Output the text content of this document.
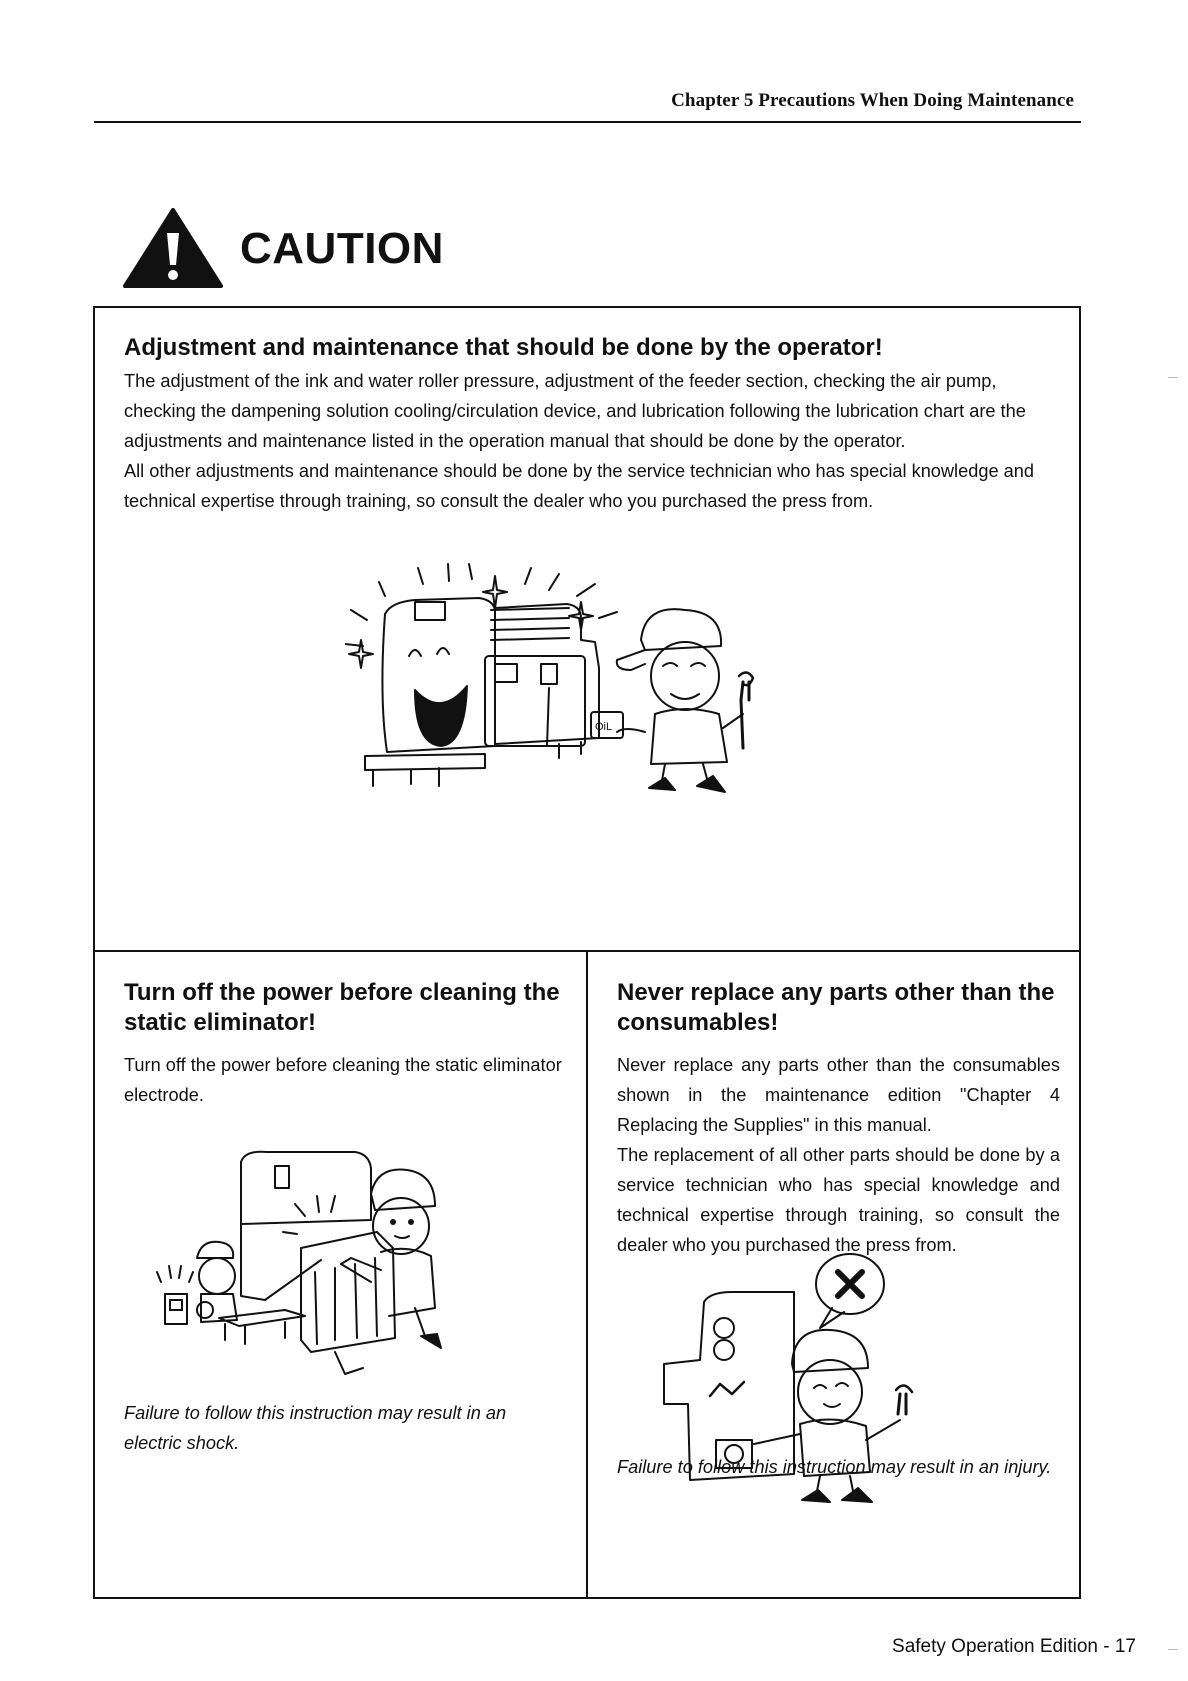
Chapter 5 Precautions When Doing Maintenance
CAUTION
Adjustment and maintenance that should be done by the operator!

The adjustment of the ink and water roller pressure, adjustment of the feeder section, checking the air pump, checking the dampening solution cooling/circulation device, and lubrication following the lubrication chart are the adjustments and maintenance listed in the operation manual that should be done by the operator.

All other adjustments and maintenance should be done by the service technician who has special knowledge and technical expertise through training, so consult the dealer who you purchased the press from.

OiL
Turn off the power before cleaning the static eliminator!
Turn off the power before cleaning the static eliminator electrode.
Failure to follow this instruction may result in an electric shock.
Never replace any parts other than the consumables!

Never replace any parts other than the consumables shown in the maintenance edition "Chapter 4 Replacing the Supplies" in this manual.

The replacement of all other parts should be done by a service technician who has special knowledge and technical expertise through training, so consult the dealer who you purchased the press from.

Failure to follow this instruction may result in an injury.
Safety Operation Edition - 17
